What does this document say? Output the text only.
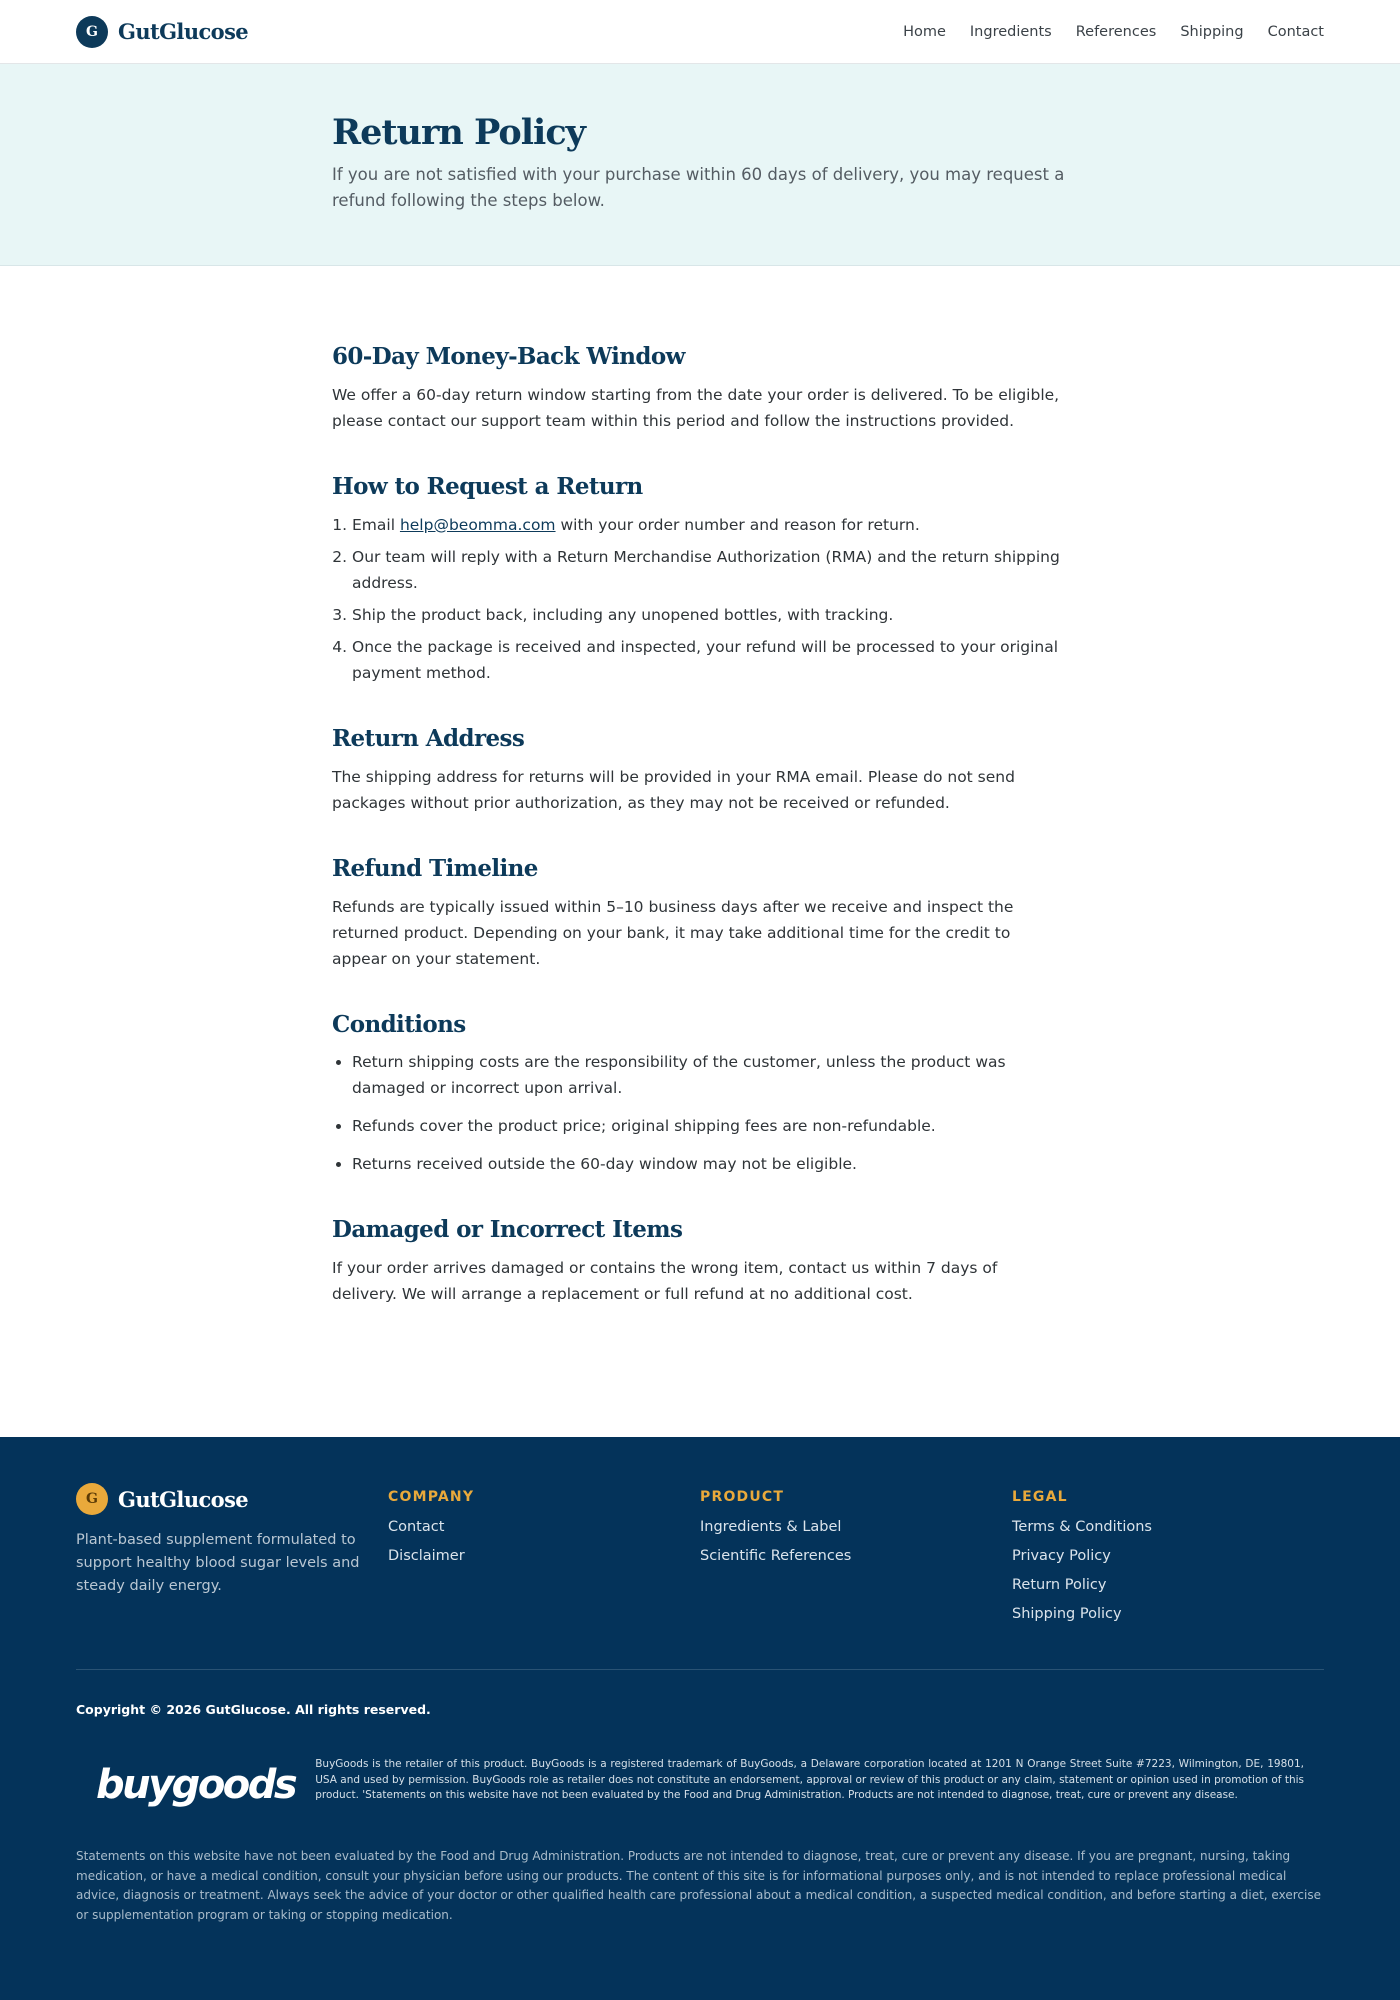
G GutGlucose	Home Ingredients References Shipping Contact
Return Policy

If you are not satisfied with your purchase within 60 days of delivery, you may request a refund following the steps below.

60-Day Money-Back Window

We offer a 60-day return window starting from the date your order is delivered. To be eligible, please contact our support team within this period and follow the instructions provided.

How to Request a Return
1. Email help@beomma.com with your order number and reason for return.
2. Our team will reply with a Return Merchandise Authorization (RMA) and the return shipping address.
3. Ship the product back, including any unopened bottles, with tracking.
4. Once the package is received and inspected, your refund will be processed to your original payment method.
Return Address

The shipping address for returns will be provided in your RMA email. Please do not send packages without prior authorization, as they may not be received or refunded.

Refund Timeline

Refunds are typically issued within 5–10 business days after we receive and inspect the returned product. Depending on your bank, it may take additional time for the credit to appear on your statement.

Conditions
• Return shipping costs are the responsibility of the customer, unless the product was damaged or incorrect upon arrival.
• Refunds cover the product price; original shipping fees are non-refundable.
• Returns received outside the 60-day window may not be eligible.
Damaged or Incorrect Items

If your order arrives damaged or contains the wrong item, contact us within 7 days of delivery. We will arrange a replacement or full refund at no additional cost.

G GutGlucose

Plant-based supplement formulated to support healthy blood sugar levels and steady daily energy.

COMPANY
Contact
Disclaimer
PRODUCT
Ingredients & Label
Scientific References
LEGAL
Terms & Conditions
Privacy Policy
Return Policy
Shipping Policy
Copyright © 2026 GutGlucose. All rights reserved.
buygoods BuyGoods is the retailer of this product. BuyGoods is a registered trademark of BuyGoods, a Delaware corporation located at 1201 N Orange Street Suite #7223, Wilmington, DE, 19801, USA and used by permission. BuyGoods role as retailer does not constitute an endorsement, approval or review of this product or any claim, statement or opinion used in promotion of this product. 'Statements on this website have not been evaluated by the Food and Drug Administration. Products are not intended to diagnose, treat, cure or prevent any disease.

Statements on this website have not been evaluated by the Food and Drug Administration. Products are not intended to diagnose, treat, cure or prevent any disease. If you are pregnant, nursing, taking medication, or have a medical condition, consult your physician before using our products. The content of this site is for informational purposes only, and is not intended to replace professional medical advice, diagnosis or treatment. Always seek the advice of your doctor or other qualified health care professional about a medical condition, a suspected medical condition, and before starting a diet, exercise or supplementation program or taking or stopping medication.
